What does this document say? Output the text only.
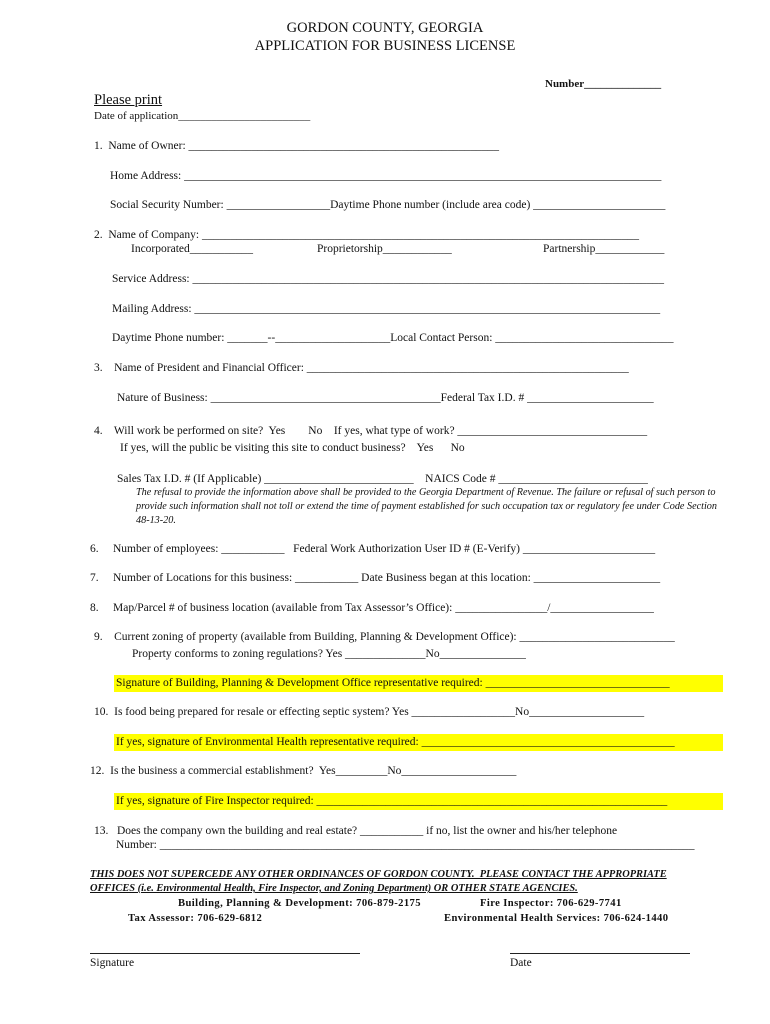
GORDON COUNTY, GEORGIA
APPLICATION FOR BUSINESS LICENSE
Number______________
Please print
Date of application________________________
1.  Name of Owner: ______________________________________________________
Home Address: ___________________________________________________________________________________
Social Security Number: __________________Daytime Phone number (include area code) _______________________
2.  Name of Company: ____________________________________________________________________________
Incorporated___________	Proprietorship____________	Partnership____________
Service Address: __________________________________________________________________________________
Mailing Address: _________________________________________________________________________________
Daytime Phone number: _______--____________________Local Contact Person: _______________________________
3.    Name of President and Financial Officer: ________________________________________________________
Nature of Business: ________________________________________Federal Tax I.D. # ______________________
4.    Will work be performed on site?  Yes        No    If yes, what type of work? _________________________________
If yes, will the public be visiting this site to conduct business?    Yes      No
Sales Tax I.D. # (If Applicable) __________________________    NAICS Code # __________________________
The refusal to provide the information above shall be provided to the Georgia Department of Revenue. The failure or refusal of such person to provide such information shall not toll or extend the time of payment established for such occupation tax or regulatory fee under Code Section 48-13-20.
6.     Number of employees: ___________   Federal Work Authorization User ID # (E-Verify) _______________________
7.     Number of Locations for this business: ___________ Date Business began at this location: ______________________
8.     Map/Parcel # of business location (available from Tax Assessor’s Office): ________________/__________________
9.    Current zoning of property (available from Building, Planning & Development Office): ___________________________
Property conforms to zoning regulations? Yes ______________No_______________
Signature of Building, Planning & Development Office representative required: ________________________________
10.  Is food being prepared for resale or effecting septic system? Yes __________________No____________________
If yes, signature of Environmental Health representative required: ____________________________________________
12.  Is the business a commercial establishment?  Yes_________No____________________
If yes, signature of Fire Inspector required: _____________________________________________________________
13.   Does the company own the building and real estate? ___________ if no, list the owner and his/her telephone
Number: _____________________________________________________________________________________________
THIS DOES NOT SUPERCEDE ANY OTHER ORDINANCES OF GORDON COUNTY.  PLEASE CONTACT THE APPROPRIATE
OFFICES (i.e. Environmental Health, Fire Inspector, and Zoning Department) OR OTHER STATE AGENCIES.
Building, Planning & Development: 706-879-2175	Fire Inspector: 706-629-7741
Tax Assessor: 706-629-6812	Environmental Health Services: 706-624-1440
Signature	Date
